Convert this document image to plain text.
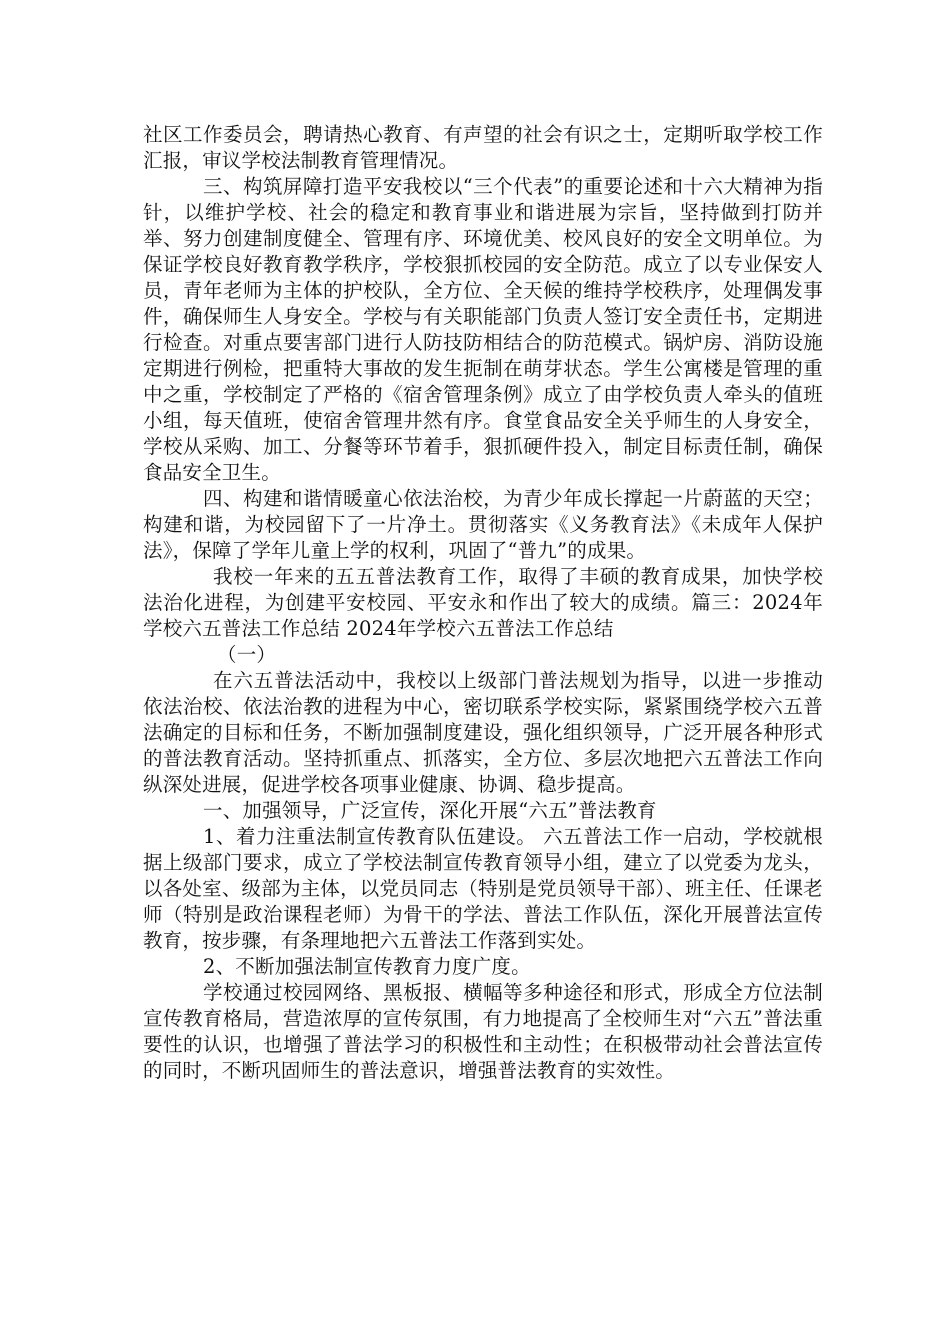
社区工作委员会，聘请热心教育、有声望的社会有识之士，定期听取学校工作汇报，审议学校法制教育管理情况。

三、构筑屏障打造平安我校以“三个代表”的重要论述和十六大精神为指针，以维护学校、社会的稳定和教育事业和谐进展为宗旨，坚持做到打防并举、努力创建制度健全、管理有序、环境优美、校风良好的安全文明单位。为保证学校良好教育教学秩序，学校狠抓校园的安全防范。成立了以专业保安人员，青年老师为主体的护校队，全方位、全天候的维持学校秩序，处理偶发事件，确保师生人身安全。学校与有关职能部门负责人签订安全责任书，定期进行检查。对重点要害部门进行人防技防相结合的防范模式。锅炉房、消防设施定期进行例检，把重特大事故的发生扼制在萌芽状态。学生公寓楼是管理的重中之重，学校制定了严格的《宿舍管理条例》成立了由学校负责人牵头的值班小组，每天值班，使宿舍管理井然有序。食堂食品安全关乎师生的人身安全，学校从采购、加工、分餐等环节着手，狠抓硬件投入，制定目标责任制，确保食品安全卫生。

四、构建和谐情暖童心依法治校，为青少年成长撑起一片蔚蓝的天空；构建和谐，为校园留下了一片净土。贯彻落实《义务教育法》《未成年人保护法》，保障了学年儿童上学的权利，巩固了“普九”的成果。

我校一年来的五五普法教育工作，取得了丰硕的教育成果，加快学校法治化进程，为创建平安校园、平安永和作出了较大的成绩。篇三：2024年学校六五普法工作总结 2024年学校六五普法工作总结

（一）

在六五普法活动中，我校以上级部门普法规划为指导，以进一步推动依法治校、依法治教的进程为中心，密切联系学校实际，紧紧围绕学校六五普法确定的目标和任务，不断加强制度建设，强化组织领导，广泛开展各种形式的普法教育活动。坚持抓重点、抓落实，全方位、多层次地把六五普法工作向纵深处进展，促进学校各项事业健康、协调、稳步提高。

一、加强领导，广泛宣传，深化开展“六五”普法教育

1、着力注重法制宣传教育队伍建设。 六五普法工作一启动，学校就根据上级部门要求，成立了学校法制宣传教育领导小组，建立了以党委为龙头，以各处室、级部为主体，以党员同志（特别是党员领导干部）、班主任、任课老师（特别是政治课程老师）为骨干的学法、普法工作队伍，深化开展普法宣传教育，按步骤，有条理地把六五普法工作落到实处。

2、不断加强法制宣传教育力度广度。

学校通过校园网络、黑板报、横幅等多种途径和形式，形成全方位法制宣传教育格局，营造浓厚的宣传氛围，有力地提高了全校师生对“六五”普法重要性的认识，也增强了普法学习的积极性和主动性；在积极带动社会普法宣传的同时，不断巩固师生的普法意识，增强普法教育的实效性。
